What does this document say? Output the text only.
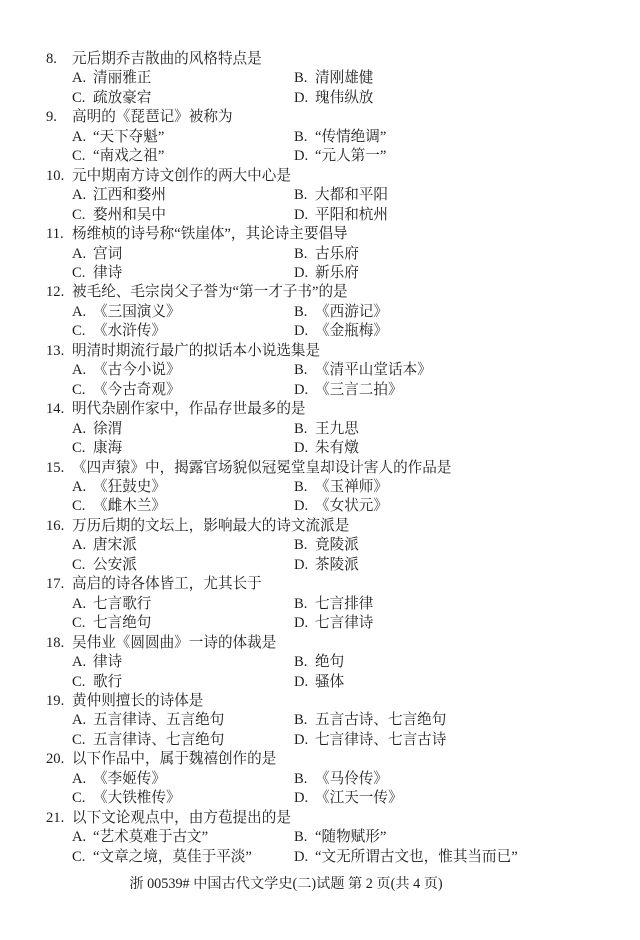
8. 元后期乔吉散曲的风格特点是
A. 清丽雅正	B. 清刚雄健
C. 疏放豪宕	D. 瑰伟纵放
9. 高明的《琵琶记》被称为
A. “天下夺魁”	B. “传情绝调”
C. “南戏之祖”	D. “元人第一”
10. 元中期南方诗文创作的两大中心是
A. 江西和婺州	B. 大都和平阳
C. 婺州和吴中	D. 平阳和杭州
11. 杨维桢的诗号称“铁崖体”，其论诗主要倡导
A. 宫词	B. 古乐府
C. 律诗	D. 新乐府
12. 被毛纶、毛宗岗父子誉为“第一才子书”的是
A. 《三国演义》	B. 《西游记》
C. 《水浒传》	D. 《金瓶梅》
13. 明清时期流行最广的拟话本小说选集是
A. 《古今小说》	B. 《清平山堂话本》
C. 《今古奇观》	D. 《三言二拍》
14. 明代杂剧作家中，作品存世最多的是
A. 徐渭	B. 王九思
C. 康海	D. 朱有燉
15. 《四声猿》中，揭露官场貌似冠冕堂皇却设计害人的作品是
A. 《狂鼓史》	B. 《玉禅师》
C. 《雌木兰》	D. 《女状元》
16. 万历后期的文坛上，影响最大的诗文流派是
A. 唐宋派	B. 竟陵派
C. 公安派	D. 茶陵派
17. 高启的诗各体皆工，尤其长于
A. 七言歌行	B. 七言排律
C. 七言绝句	D. 七言律诗
18. 吴伟业《圆圆曲》一诗的体裁是
A. 律诗	B. 绝句
C. 歌行	D. 骚体
19. 黄仲则擅长的诗体是
A. 五言律诗、五言绝句	B. 五言古诗、七言绝句
C. 五言律诗、七言绝句	D. 七言律诗、七言古诗
20. 以下作品中，属于魏禧创作的是
A. 《李姬传》	B. 《马伶传》
C. 《大铁椎传》	D. 《江天一传》
21. 以下文论观点中，由方苞提出的是
A. “艺术莫难于古文”	B. “随物赋形”
C. “文章之境，莫佳于平淡”	D. “文无所谓古文也，惟其当而已”
浙 00539# 中国古代文学史(二)试题 第 2 页(共 4 页)
